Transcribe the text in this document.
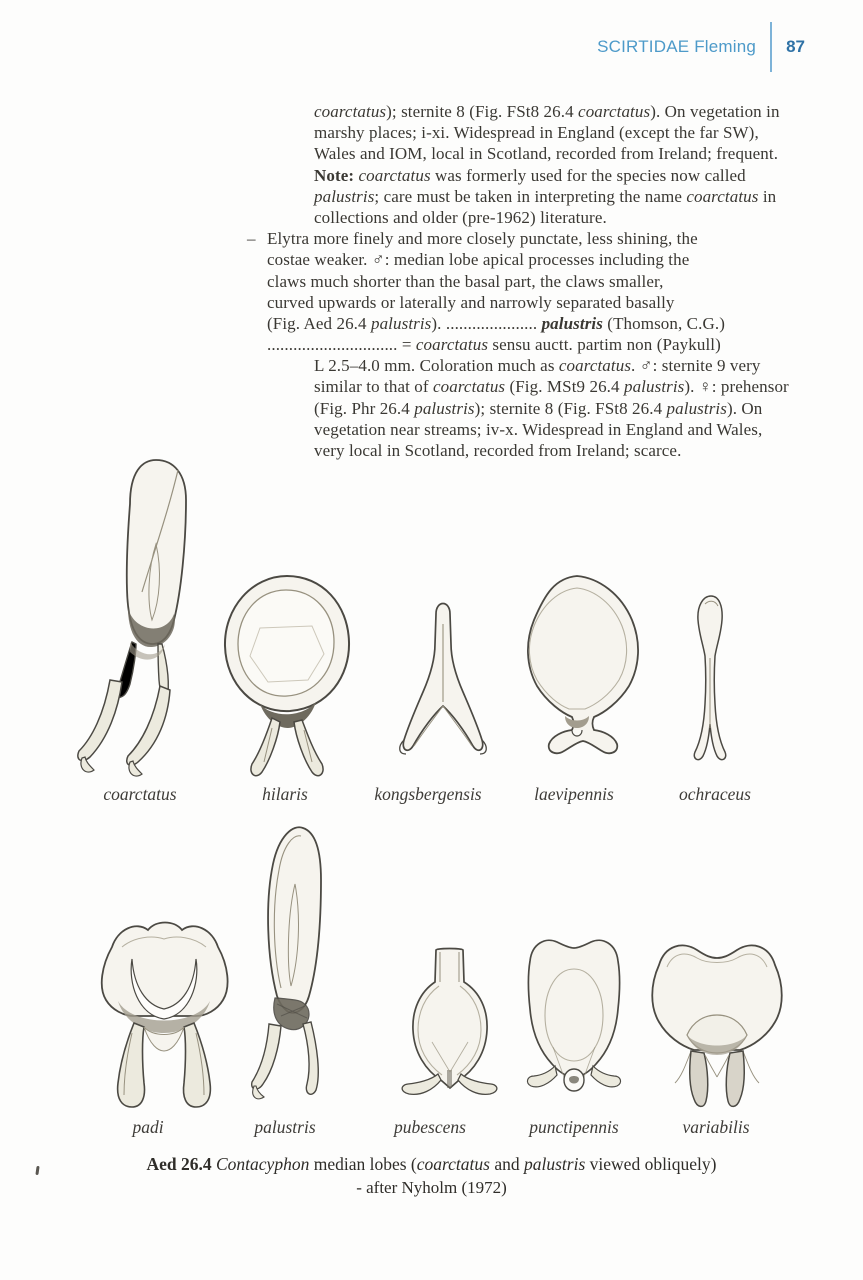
SCIRTIDAE Fleming 87
coarctatus); sternite 8 (Fig. FSt8 26.4 coarctatus). On vegetation in
marshy places; i-xi. Widespread in England (except the far SW),
Wales and IOM, local in Scotland, recorded from Ireland; frequent.
Note: coarctatus was formerly used for the species now called
palustris; care must be taken in interpreting the name coarctatus in
collections and older (pre-1962) literature.
– Elytra more finely and more closely punctate, less shining, the
costae weaker. ♂: median lobe apical processes including the
claws much shorter than the basal part, the claws smaller,
curved upwards or laterally and narrowly separated basally
(Fig. Aed 26.4 palustris). ..................... palustris (Thomson, C.G.)
.............................. = coarctatus sensu auctt. partim non (Paykull)
L 2.5–4.0 mm. Coloration much as coarctatus. ♂: sternite 9 very
similar to that of coarctatus (Fig. MSt9 26.4 palustris). ♀: prehensor
(Fig. Phr 26.4 palustris); sternite 8 (Fig. FSt8 26.4 palustris). On
vegetation near streams; iv-x. Widespread in England and Wales,
very local in Scotland, recorded from Ireland; scarce.
coarctatus	hilaris	kongsbergensis	laevipennis	ochraceus
padi	palustris	pubescens	punctipennis	variabilis
Aed 26.4 Contacyphon median lobes (coarctatus and palustris viewed obliquely)
- after Nyholm (1972)
